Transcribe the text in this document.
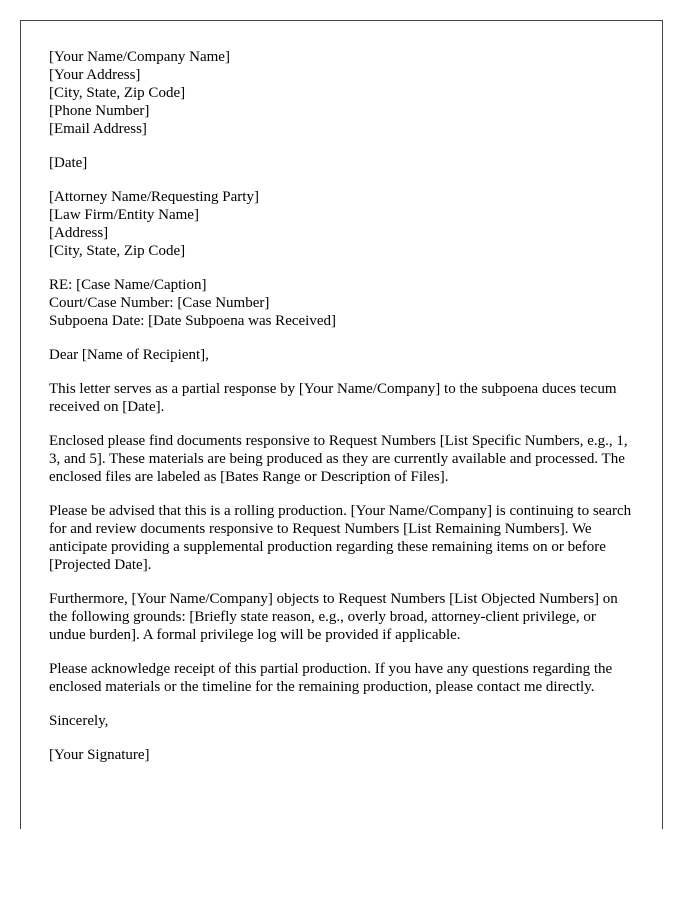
[Your Name/Company Name]
[Your Address]
[City, State, Zip Code]
[Phone Number]
[Email Address]

[Date]

[Attorney Name/Requesting Party]
[Law Firm/Entity Name]
[Address]
[City, State, Zip Code]

RE: [Case Name/Caption]
Court/Case Number: [Case Number]
Subpoena Date: [Date Subpoena was Received]

Dear [Name of Recipient],

This letter serves as a partial response by [Your Name/Company] to the subpoena duces tecum received on [Date].

Enclosed please find documents responsive to Request Numbers [List Specific Numbers, e.g., 1, 3, and 5]. These materials are being produced as they are currently available and processed. The enclosed files are labeled as [Bates Range or Description of Files].

Please be advised that this is a rolling production. [Your Name/Company] is continuing to search for and review documents responsive to Request Numbers [List Remaining Numbers]. We anticipate providing a supplemental production regarding these remaining items on or before [Projected Date].

Furthermore, [Your Name/Company] objects to Request Numbers [List Objected Numbers] on the following grounds: [Briefly state reason, e.g., overly broad, attorney-client privilege, or undue burden]. A formal privilege log will be provided if applicable.

Please acknowledge receipt of this partial production. If you have any questions regarding the enclosed materials or the timeline for the remaining production, please contact me directly.

Sincerely,

[Your Signature]
